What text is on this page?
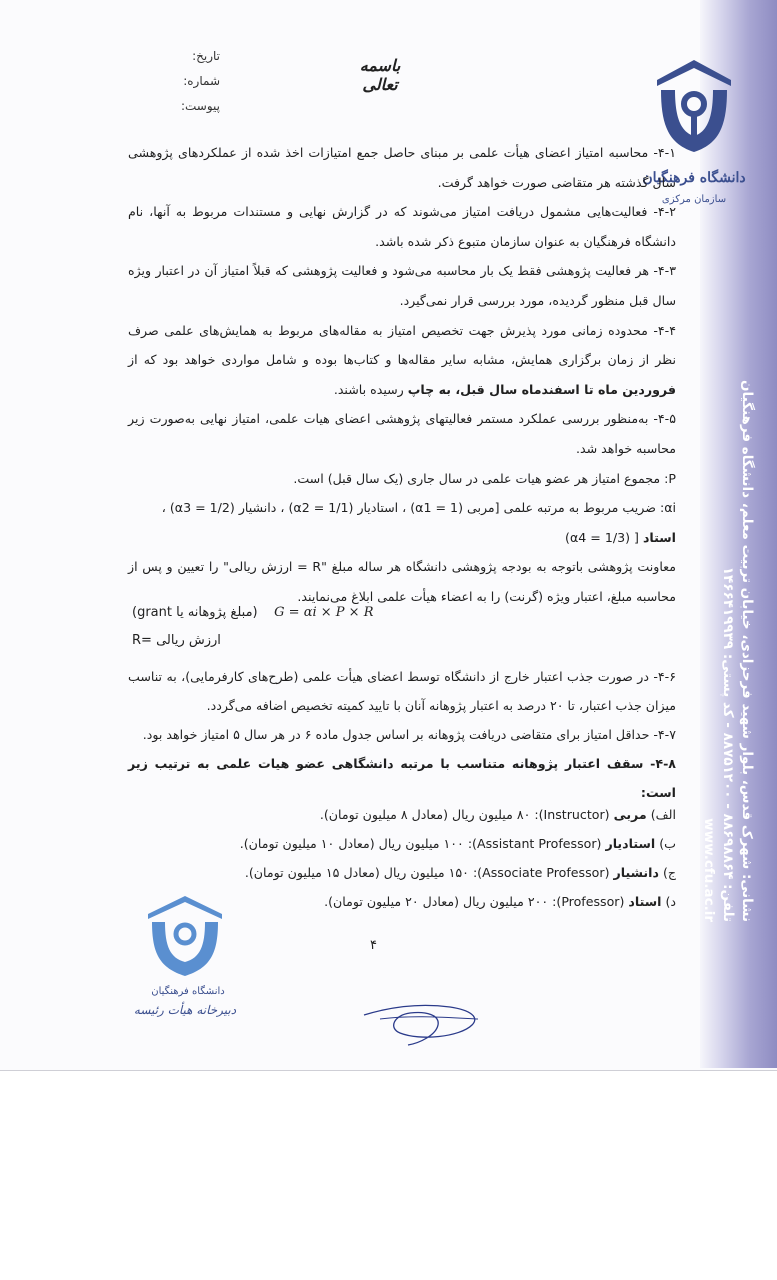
نشانی: شهرک قدس، بلوار شهید فرحزادی، خیابان تربیت معلم، دانشگاه فرهنگیان
تلفن: ۸۸۶۹۸۸۶۴ - ۸۸۷۵۱۲۰۰ - کد پستی: ۱۴۶۶۴۱۹۹۳۹
www.cfu.ac.ir
تاریخ:
شماره:
پیوست:
باسمه تعالی
دانشگاه فرهنگیان
سازمان مرکزی

۴-۱- محاسبه امتیاز اعضای هیأت علمی بر مبنای حاصل جمع امتیازات اخذ شده از عملکردهای پژوهشی سال گذشته هر متقاضی صورت خواهد گرفت.

۴-۲- فعالیت‌هایی مشمول دریافت امتیاز می‌شوند که در گزارش نهایی و مستندات مربوط به آنها، نام دانشگاه فرهنگیان به عنوان سازمان متبوع ذکر شده باشد.

۴-۳- هر فعالیت پژوهشی فقط یک بار محاسبه می‌شود و فعالیت پژوهشی که قبلاً امتیاز آن در اعتبار ویژه سال قبل منظور گردیده، مورد بررسی قرار نمی‌گیرد.

۴-۴- محدوده زمانی مورد پذیرش جهت تخصیص امتیاز به مقاله‌های مربوط به همایش‌های علمی صرف نظر از زمان برگزاری همایش، مشابه سایر مقاله‌ها و کتاب‌ها بوده و شامل مواردی خواهد بود که از فروردین ماه تا اسفندماه سال قبل، به چاپ رسیده باشند.

۴-۵- به‌منظور بررسی عملکرد مستمر فعالیتهای پژوهشی اعضای هیات علمی، امتیاز نهایی به‌صورت زیر محاسبه خواهد شد.

P: مجموع امتیاز هر عضو هیات علمی در سال جاری (یک سال قبل) است.

αi: ضریب مربوط به مرتبه علمی [مربی (α1 = 1) ، استادیار (α2 = 1/1) ، دانشیار (α3 = 1/2) ،

استاد (α4 = 1/3) ]

معاونت پژوهشی باتوجه به بودجه پژوهشی دانشگاه هر ساله مبلغ "R = ارزش ریالی" را تعیین و پس از محاسبه مبلغ، اعتبار ویژه (گرنت) را به اعضاء هیأت علمی ابلاغ می‌نمایند.

(مبلغ پژوهانه یا grant) G = αi × P × R
R= ارزش ریالی

۴-۶- در صورت جذب اعتبار خارج از دانشگاه توسط اعضای هیأت علمی (طرح‌های کارفرمایی)، به تناسب میزان جذب اعتبار، تا ۲۰ درصد به اعتبار پژوهانه آنان با تایید کمیته تخصیص اضافه می‌گردد.

۴-۷- حداقل امتیاز برای متقاضی دریافت پژوهانه بر اساس جدول ماده ۶ در هر سال ۵ امتیاز خواهد بود.

۴-۸- سقف اعتبار پژوهانه متناسب با مرتبه دانشگاهی عضو هیات علمی به ترتیب زیر است:

الف) مربی (Instructor): ۸۰ میلیون ریال (معادل ۸ میلیون تومان).

ب) استادیار (Assistant Professor): ۱۰۰ میلیون ریال (معادل ۱۰ میلیون تومان).

ج) دانشیار (Associate Professor): ۱۵۰ میلیون ریال (معادل ۱۵ میلیون تومان).

د) استاد (Professor): ۲۰۰ میلیون ریال (معادل ۲۰ میلیون تومان).

۴
دانشگاه فرهنگیان
دبیرخانه هیأت رئیسه
